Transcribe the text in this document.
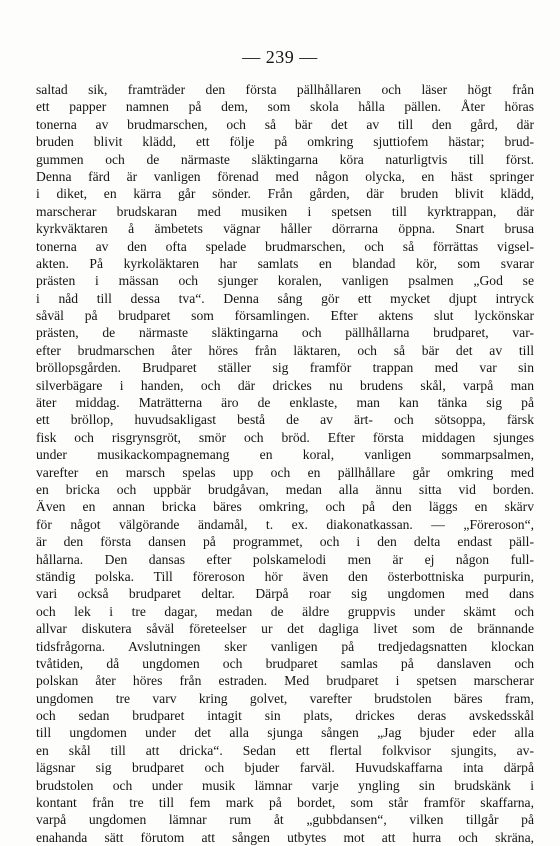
— 239 —
saltad sik, framträder den första pällhållaren och läser högt från
ett papper namnen på dem, som skola hålla pällen. Åter höras
tonerna av brudmarschen, och så bär det av till den gård, där
bruden blivit klädd, ett följe på omkring sjuttiofem hästar; brud-
gummen och de närmaste släktingarna köra naturligtvis till först.
Denna färd är vanligen förenad med någon olycka, en häst springer
i diket, en kärra går sönder. Från gården, där bruden blivit klädd,
marscherar brudskaran med musiken i spetsen till kyrktrappan, där
kyrkväktaren å ämbetets vägnar håller dörrarna öppna. Snart brusa
tonerna av den ofta spelade brudmarschen, och så förrättas vigsel-
akten. På kyrkoläktaren har samlats en blandad kör, som svarar
prästen i mässan och sjunger koralen, vanligen psalmen „God se
i nåd till dessa tva“. Denna sång gör ett mycket djupt intryck
såväl på brudparet som församlingen. Efter aktens slut lyckönskar
prästen, de närmaste släktingarna och pällhållarna brudparet, var-
efter brudmarschen åter höres från läktaren, och så bär det av till
bröllopsgården. Brudparet ställer sig framför trappan med var sin
silverbägare i handen, och där drickes nu brudens skål, varpå man
äter middag. Maträtterna äro de enklaste, man kan tänka sig på
ett bröllop, huvudsakligast bestå de av ärt- och sötsoppa, färsk
fisk och risgrynsgröt, smör och bröd. Efter första middagen sjunges
under musikackompagnemang en koral, vanligen sommarpsalmen,
varefter en marsch spelas upp och en pällhållare går omkring med
en bricka och uppbär brudgåvan, medan alla ännu sitta vid borden.
Även en annan bricka bäres omkring, och på den läggs en skärv
för något välgörande ändamål, t. ex. diakonatkassan. — „Föreroson“,
är den första dansen på programmet, och i den delta endast päll-
hållarna. Den dansas efter polskamelodi men är ej någon full-
ständig polska. Till föreroson hör även den österbottniska purpurin,
vari också brudparet deltar. Därpå roar sig ungdomen med dans
och lek i tre dagar, medan de äldre gruppvis under skämt och
allvar diskutera såväl företeelser ur det dagliga livet som de brännande
tidsfrågorna. Avslutningen sker vanligen på tredjedagsnatten klockan
tvåtiden, då ungdomen och brudparet samlas på danslaven och
polskan åter höres från estraden. Med brudparet i spetsen marscherar
ungdomen tre varv kring golvet, varefter brudstolen bäres fram,
och sedan brudparet intagit sin plats, drickes deras avskedsskål
till ungdomen under det alla sjunga sången „Jag bjuder eder alla
en skål till att dricka“. Sedan ett flertal folkvisor sjungits, av-
lägsnar sig brudparet och bjuder farväl. Huvudskaffarna inta därpå
brudstolen och under musik lämnar varje yngling sin brudskänk i
kontant från tre till fem mark på bordet, som står framför skaffarna,
varpå ungdomen lämnar rum åt „gubbdansen“, vilken tillgår på
enahanda sätt förutom att sången utbytes mot att hurra och skräna,
